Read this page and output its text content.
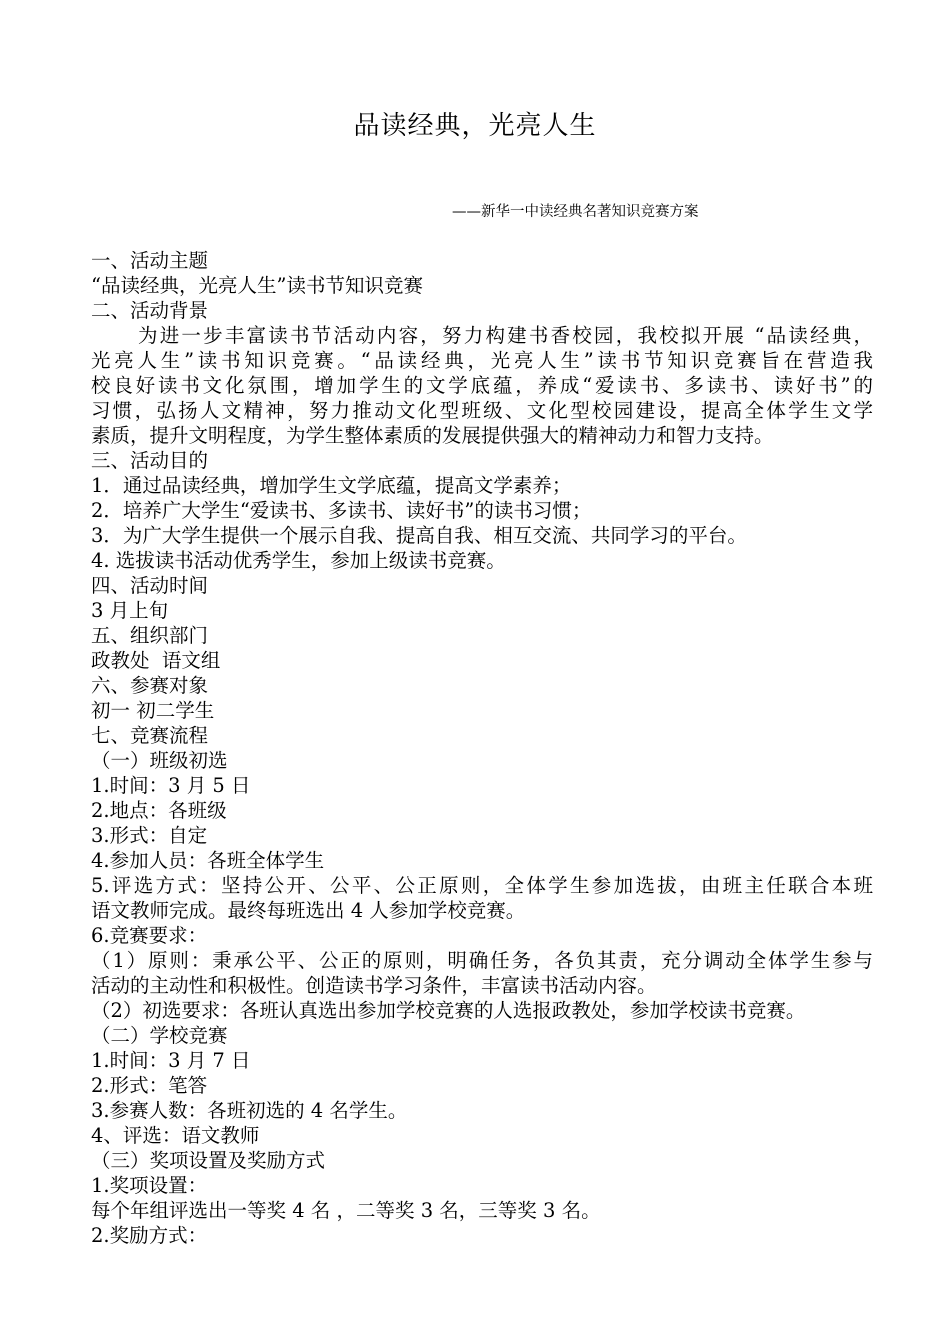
品读经典，光亮人生
——新华一中读经典名著知识竞赛方案
一、活动主题
“品读经典，光亮人生”读书节知识竞赛
二、活动背景
为进一步丰富读书节活动内容，努力构建书香校园，我校拟开展 “品读经典，
光亮人生”读书知识竞赛。“品读经典，光亮人生”读书节知识竞赛旨在营造我
校良好读书文化氛围，增加学生的文学底蕴，养成“爱读书、多读书、读好书”的
习惯，弘扬人文精神，努力推动文化型班级、文化型校园建设，提高全体学生文学
素质，提升文明程度，为学生整体素质的发展提供强大的精神动力和智力支持。
三、活动目的
1．通过品读经典，增加学生文学底蕴，提高文学素养；
2．培养广大学生“爱读书、多读书、读好书”的读书习惯；
3．为广大学生提供一个展示自我、提高自我、相互交流、共同学习的平台。
4. 选拔读书活动优秀学生，参加上级读书竞赛。
四、活动时间
3 月上旬
五、组织部门
政教处  语文组
六、参赛对象
初一 初二学生
七、竞赛流程
（一）班级初选
1.时间：3 月 5 日
2.地点：各班级
3.形式：自定
4.参加人员：各班全体学生
5.评选方式：坚持公开、公平、公正原则，全体学生参加选拔，由班主任联合本班
语文教师完成。最终每班选出 4 人参加学校竞赛。
6.竞赛要求：
（1）原则：秉承公平、公正的原则，明确任务，各负其责，充分调动全体学生参与
活动的主动性和积极性。创造读书学习条件，丰富读书活动内容。
（2）初选要求：各班认真选出参加学校竞赛的人选报政教处，参加学校读书竞赛。
（二）学校竞赛
1.时间：3 月 7 日
2.形式：笔答
3.参赛人数：各班初选的 4 名学生。
4、评选：语文教师
（三）奖项设置及奖励方式
1.奖项设置：
每个年组评选出一等奖 4 名 ，二等奖 3 名，三等奖 3 名。
2.奖励方式：
